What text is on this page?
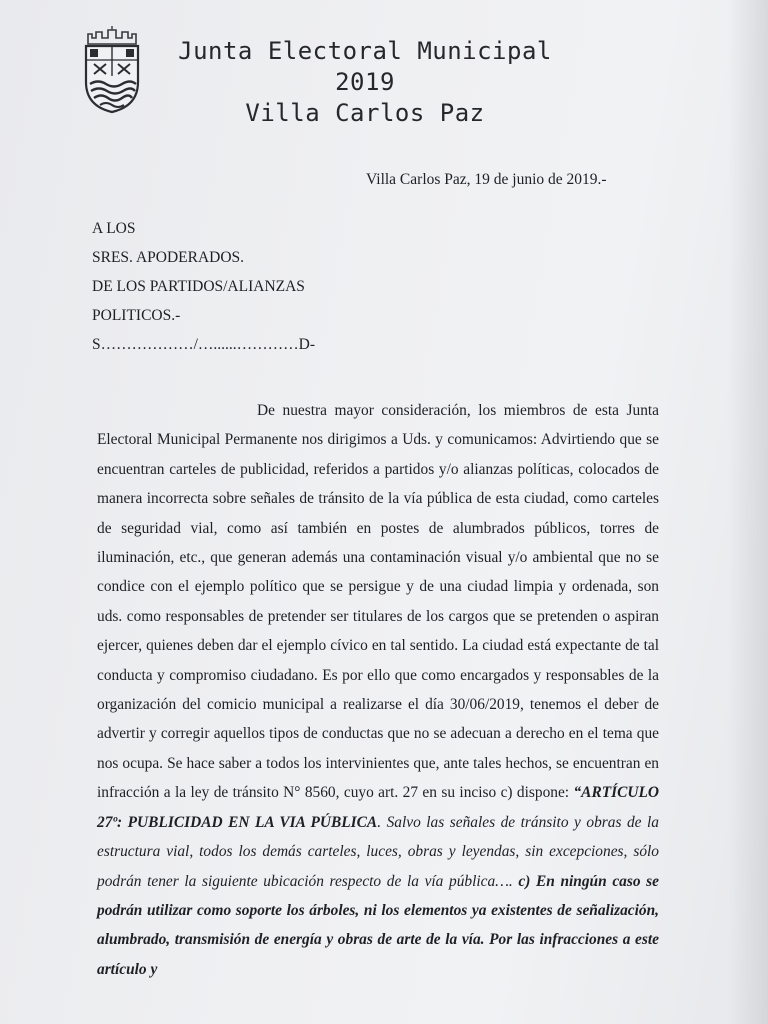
Junta Electoral Municipal
2019
Villa Carlos Paz
Villa Carlos Paz, 19 de junio de 2019.-
A LOS
SRES. APODERADOS.
DE LOS PARTIDOS/ALIANZAS
POLITICOS.-
S………………/…......…………D-

De nuestra mayor consideración, los miembros de esta Junta Electoral Municipal Permanente nos dirigimos a Uds. y comunicamos: Advirtiendo que se encuentran carteles de publicidad, referidos a partidos y/o alianzas políticas, colocados de manera incorrecta sobre señales de tránsito de la vía pública de esta ciudad, como carteles de seguridad vial, como así también en postes de alumbrados públicos, torres de iluminación, etc., que generan además una contaminación visual y/o ambiental que no se condice con el ejemplo político que se persigue y de una ciudad limpia y ordenada, son uds. como responsables de pretender ser titulares de los cargos que se pretenden o aspiran ejercer, quienes deben dar el ejemplo cívico en tal sentido. La ciudad está expectante de tal conducta y compromiso ciudadano. Es por ello que como encargados y responsables de la organización del comicio municipal a realizarse el día 30/06/2019, tenemos el deber de advertir y corregir aquellos tipos de conductas que no se adecuan a derecho en el tema que nos ocupa. Se hace saber a todos los intervinientes que, ante tales hechos, se encuentran en infracción a la ley de tránsito N° 8560, cuyo art. 27 en su inciso c) dispone: “ARTÍCULO 27º: PUBLICIDAD EN LA VIA PÚBLICA. Salvo las señales de tránsito y obras de la estructura vial, todos los demás carteles, luces, obras y leyendas, sin excepciones, sólo podrán tener la siguiente ubicación respecto de la vía pública…. c) En ningún caso se podrán utilizar como soporte los árboles, ni los elementos ya existentes de señalización, alumbrado, transmisión de energía y obras de arte de la vía. Por las infracciones a este artículo y
